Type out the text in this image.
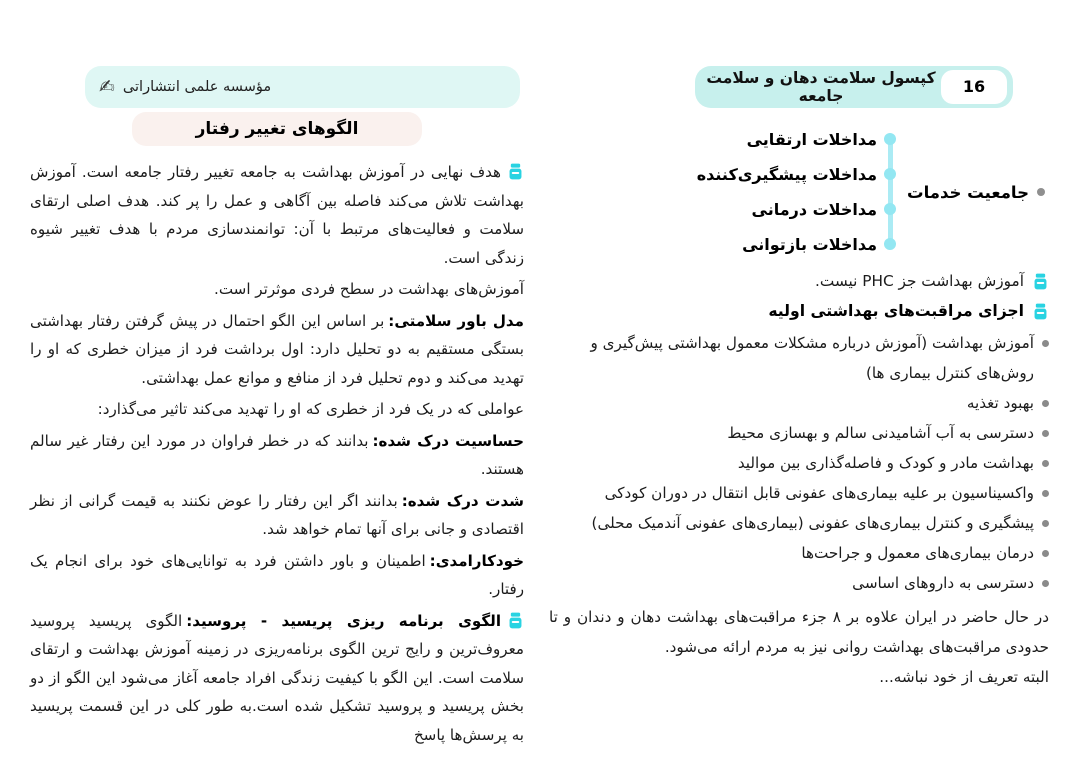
16
کپسول سلامت دهان و سلامت جامعه
مؤسسه علمی انتشاراتی
✍
جامعیت خدمات
مداخلات ارتقایی
مداخلات پیشگیری‌کننده
مداخلات درمانی
مداخلات بازتوانی
آموزش بهداشت جز PHC نیست.
اجزای مراقبت‌های بهداشتی اولیه
آموزش بهداشت (آموزش درباره مشکلات معمول بهداشتی پیش‌گیری و روش‌های کنترل بیماری ها)
بهبود تغذیه
دسترسی به آب آشامیدنی سالم و بهسازی محیط
بهداشت مادر و کودک و فاصله‌گذاری بین موالید
واکسیناسیون بر علیه بیماری‌های عفونی قابل انتقال در دوران کودکی
پیشگیری و کنترل بیماری‌های عفونی (بیماری‌های عفونی آندمیک محلی)
درمان بیماری‌های معمول و جراحت‌ها
دسترسی به داروهای اساسی
در حال حاضر در ایران علاوه بر ۸ جزء مراقبت‌های بهداشت دهان و دندان و تا حدودی مراقبت‌های بهداشت روانی نیز به مردم ارائه می‌شود.
البته تعریف از خود نباشه...
الگوهای تغییر رفتار

هدف نهایی در آموزش بهداشت به جامعه تغییر رفتار جامعه است. آموزش بهداشت تلاش می‌کند فاصله بین آگاهی و عمل را پر کند. هدف اصلی ارتقای سلامت و فعالیت‌های مرتبط با آن: توانمندسازی مردم با هدف تغییر شیوه زندگی است.

آموزش‌های بهداشت در سطح فردی موثرتر است.

مدل باور سلامتی:بر اساس این الگو احتمال در پیش گرفتن رفتار بهداشتی بستگی مستقیم به دو تحلیل دارد: اول برداشت فرد از میزان خطری که او را تهدید می‌کند و دوم تحلیل فرد از منافع و موانع عمل بهداشتی.

عواملی که در یک فرد از خطری که او را تهدید می‌کند تاثیر می‌گذارد:

حساسیت درک شده:بدانند که در خطر فراوان در مورد این رفتار غیر سالم هستند.

شدت درک شده:بدانند اگر این رفتار را عوض نکنند به قیمت گرانی از نظر اقتصادی و جانی برای آنها تمام خواهد شد.

خودکارامدی:اطمینان و باور داشتن فرد به توانایی‌های خود برای انجام یک رفتار.

الگوی برنامه ریزی پریسید - پروسید:الگوی پریسید پروسید معروف‌ترین و رایج ترین الگوی برنامه‌ریزی در زمینه آموزش بهداشت و ارتقای سلامت است. این الگو با کیفیت زندگی افراد جامعه آغاز می‌شود این الگو از دو بخش پریسید و پروسید تشکیل شده است.به طور کلی در این قسمت پریسید به پرسش‌ها پاسخ
